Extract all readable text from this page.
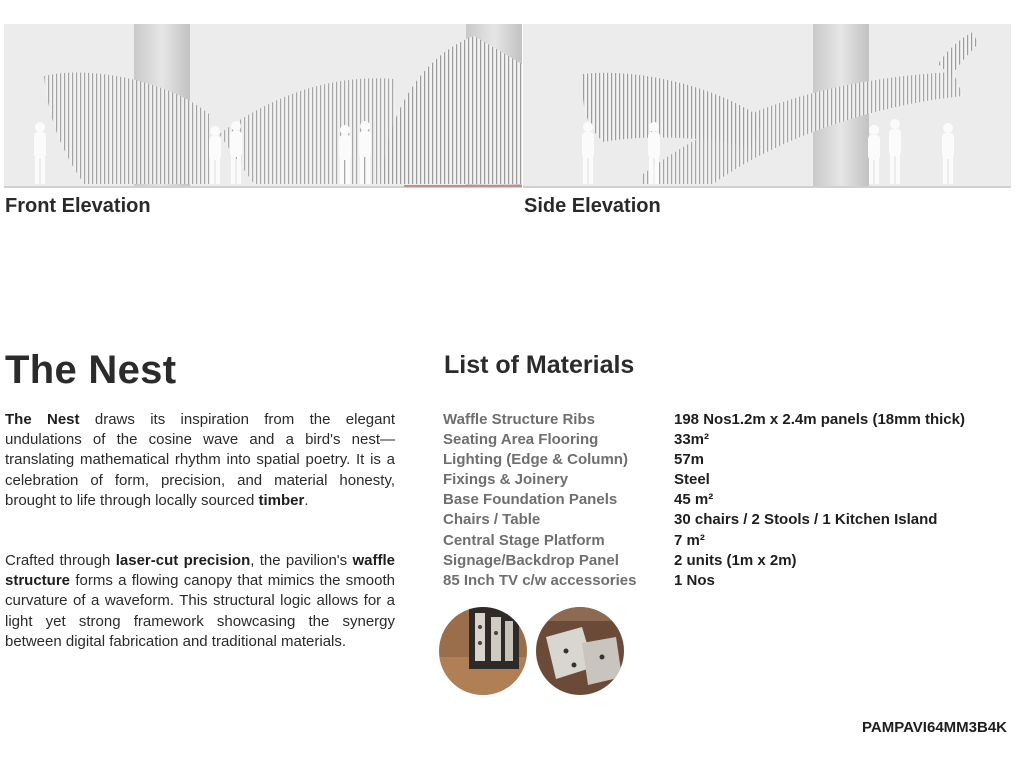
Front Elevation	Side Elevation
The Nest

The Nest draws its inspiration from the elegant undulations of the cosine wave and a bird's nest—translating mathematical rhythm into spatial poetry. It is a celebration of form, precision, and material honesty, brought to life through locally sourced timber.

Crafted through laser-cut precision, the pavilion's waffle structure forms a flowing canopy that mimics the smooth curvature of a waveform. This structural logic allows for a light yet strong framework showcasing the synergy between digital fabrication and traditional materials.

List of Materials
Waffle Structure Ribs	198 Nos1.2m x 2.4m panels (18mm thick)
Seating Area Flooring	33m²
Lighting (Edge & Column)	57m
Fixings & Joinery	Steel
Base Foundation Panels	45 m²
Chairs / Table	30 chairs / 2 Stools / 1 Kitchen Island
Central Stage Platform	7 m²
Signage/Backdrop Panel	2 units (1m x 2m)
85 Inch TV c/w accessories	1 Nos
PAMPAVI64MM3B4K
